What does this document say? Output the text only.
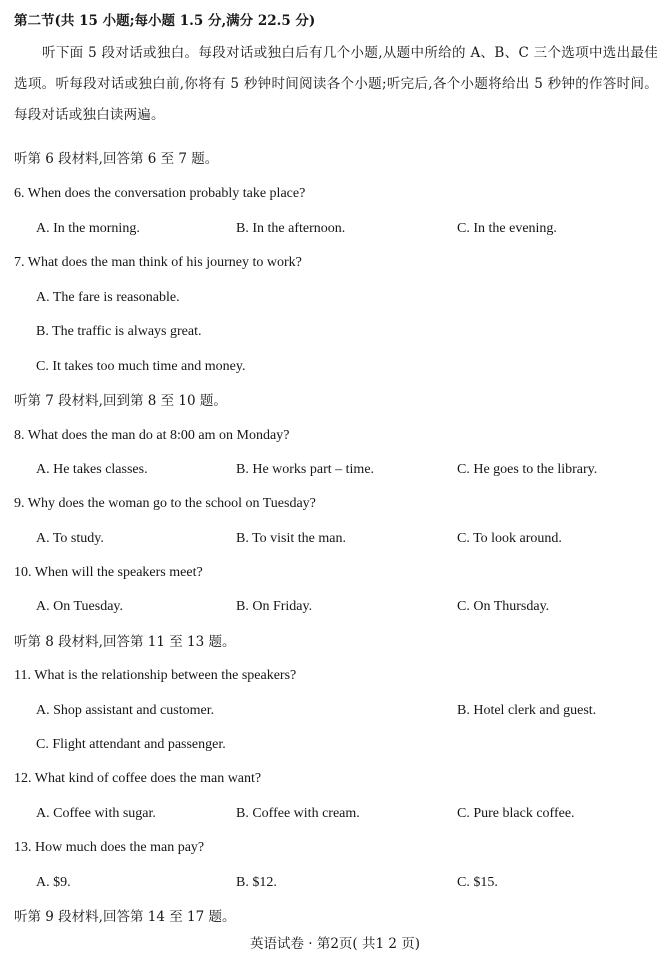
第二节(共 15 小题;每小题 1.5 分,满分 22.5 分)
听下面 5 段对话或独白。每段对话或独白后有几个小题,从题中所给的 A、B、C 三个选项中选出最佳选项。听每段对话或独白前,你将有 5 秒钟时间阅读各个小题;听完后,各个小题将给出 5 秒钟的作答时间。每段对话或独白读两遍。
听第 6 段材料,回答第 6 至 7 题。
6. When does the conversation probably take place?
A. In the morning.	B. In the afternoon.	C. In the evening.
7. What does the man think of his journey to work?
A. The fare is reasonable.
B. The traffic is always great.
C. It takes too much time and money.
听第 7 段材料,回到第 8 至 10 题。
8. What does the man do at 8:00 am on Monday?
A. He takes classes.	B. He works part – time.	C. He goes to the library.
9. Why does the woman go to the school on Tuesday?
A. To study.	B. To visit the man.	C. To look around.
10. When will the speakers meet?
A. On Tuesday.	B. On Friday.	C. On Thursday.
听第 8 段材料,回答第 11 至 13 题。
11. What is the relationship between the speakers?
A. Shop assistant and customer.	B. Hotel clerk and guest.
C. Flight attendant and passenger.
12. What kind of coffee does the man want?
A. Coffee with sugar.	B. Coffee with cream.	C. Pure black coffee.
13. How much does the man pay?
A. $9.	B. $12.	C. $15.
听第 9 段材料,回答第 14 至 17 题。
英语试卷 · 第2页( 共1 2 页)
